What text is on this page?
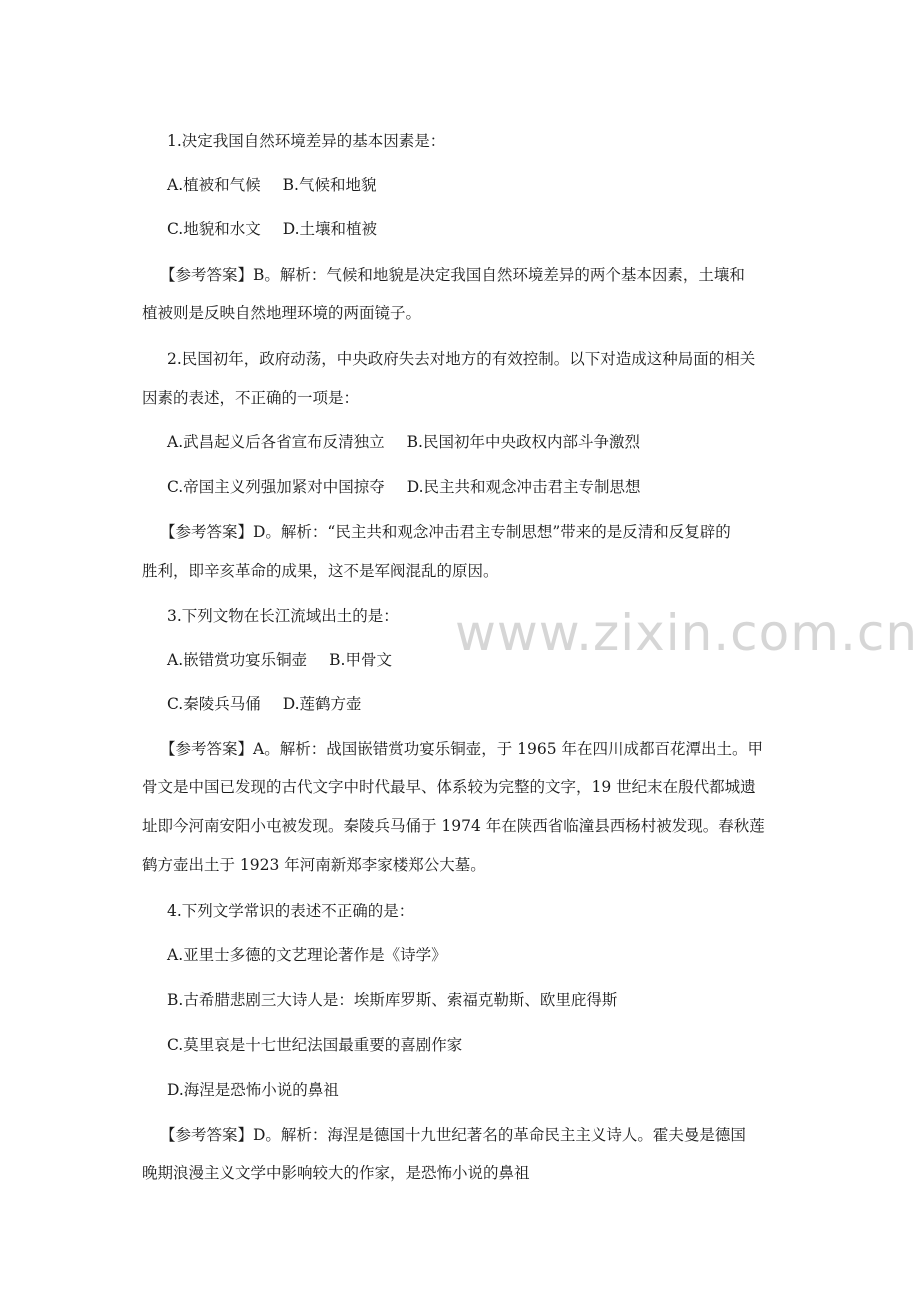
www.zixin.com.cn
1.决定我国自然环境差异的基本因素是：
A.植被和气候 B.气候和地貌
C.地貌和水文 D.土壤和植被
【参考答案】B。解析：气候和地貌是决定我国自然环境差异的两个基本因素，土壤和
植被则是反映自然地理环境的两面镜子。
2.民国初年，政府动荡，中央政府失去对地方的有效控制。以下对造成这种局面的相关
因素的表述，不正确的一项是：
A.武昌起义后各省宣布反清独立 B.民国初年中央政权内部斗争激烈
C.帝国主义列强加紧对中国掠夺 D.民主共和观念冲击君主专制思想
【参考答案】D。解析：“民主共和观念冲击君主专制思想”带来的是反清和反复辟的
胜利，即辛亥革命的成果，这不是军阀混乱的原因。
3.下列文物在长江流域出土的是：
A.嵌错赏功宴乐铜壶 B.甲骨文
C.秦陵兵马俑 D.莲鹤方壶
【参考答案】A。解析：战国嵌错赏功宴乐铜壶，于 1965 年在四川成都百花潭出土。甲
骨文是中国已发现的古代文字中时代最早、体系较为完整的文字，19 世纪末在殷代都城遗
址即今河南安阳小屯被发现。秦陵兵马俑于 1974 年在陕西省临潼县西杨村被发现。春秋莲
鹤方壶出土于 1923 年河南新郑李家楼郑公大墓。
4.下列文学常识的表述不正确的是：
A.亚里士多德的文艺理论著作是《诗学》
B.古希腊悲剧三大诗人是：埃斯库罗斯、索福克勒斯、欧里庇得斯
C.莫里哀是十七世纪法国最重要的喜剧作家
D.海涅是恐怖小说的鼻祖
【参考答案】D。解析：海涅是德国十九世纪著名的革命民主主义诗人。霍夫曼是德国
晚期浪漫主义文学中影响较大的作家，是恐怖小说的鼻祖
